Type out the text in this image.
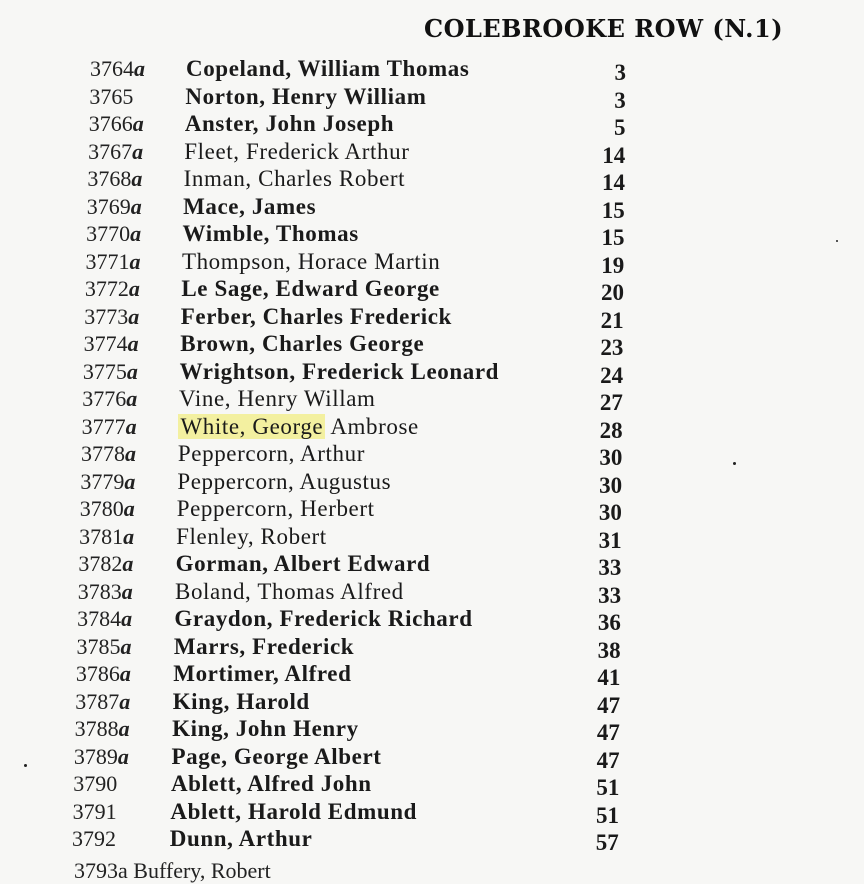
COLEBROOKE ROW (N.1)
3764a Copeland, William Thomas	3
3765 Norton, Henry William	3
3766a Anster, John Joseph	5
3767a Fleet, Frederick Arthur	14
3768a Inman, Charles Robert	14
3769a Mace, James	15
3770a Wimble, Thomas	15
3771a Thompson, Horace Martin	19
3772a Le Sage, Edward George	20
3773a Ferber, Charles Frederick	21
3774a Brown, Charles George	23
3775a Wrightson, Frederick Leonard	24
3776a Vine, Henry Willam	27
3777a White, George Ambrose	28
3778a Peppercorn, Arthur	30
3779a Peppercorn, Augustus	30
3780a Peppercorn, Herbert	30
3781a Flenley, Robert	31
3782a Gorman, Albert Edward	33
3783a Boland, Thomas Alfred	33
3784a Graydon, Frederick Richard	36
3785a Marrs, Frederick	38
3786a Mortimer, Alfred	41
3787a King, Harold	47
3788a King, John Henry	47
3789a Page, George Albert	47
3790 Ablett, Alfred John	51
3791 Ablett, Harold Edmund	51
3792 Dunn, Arthur	57
3793a Buffery, Robert
